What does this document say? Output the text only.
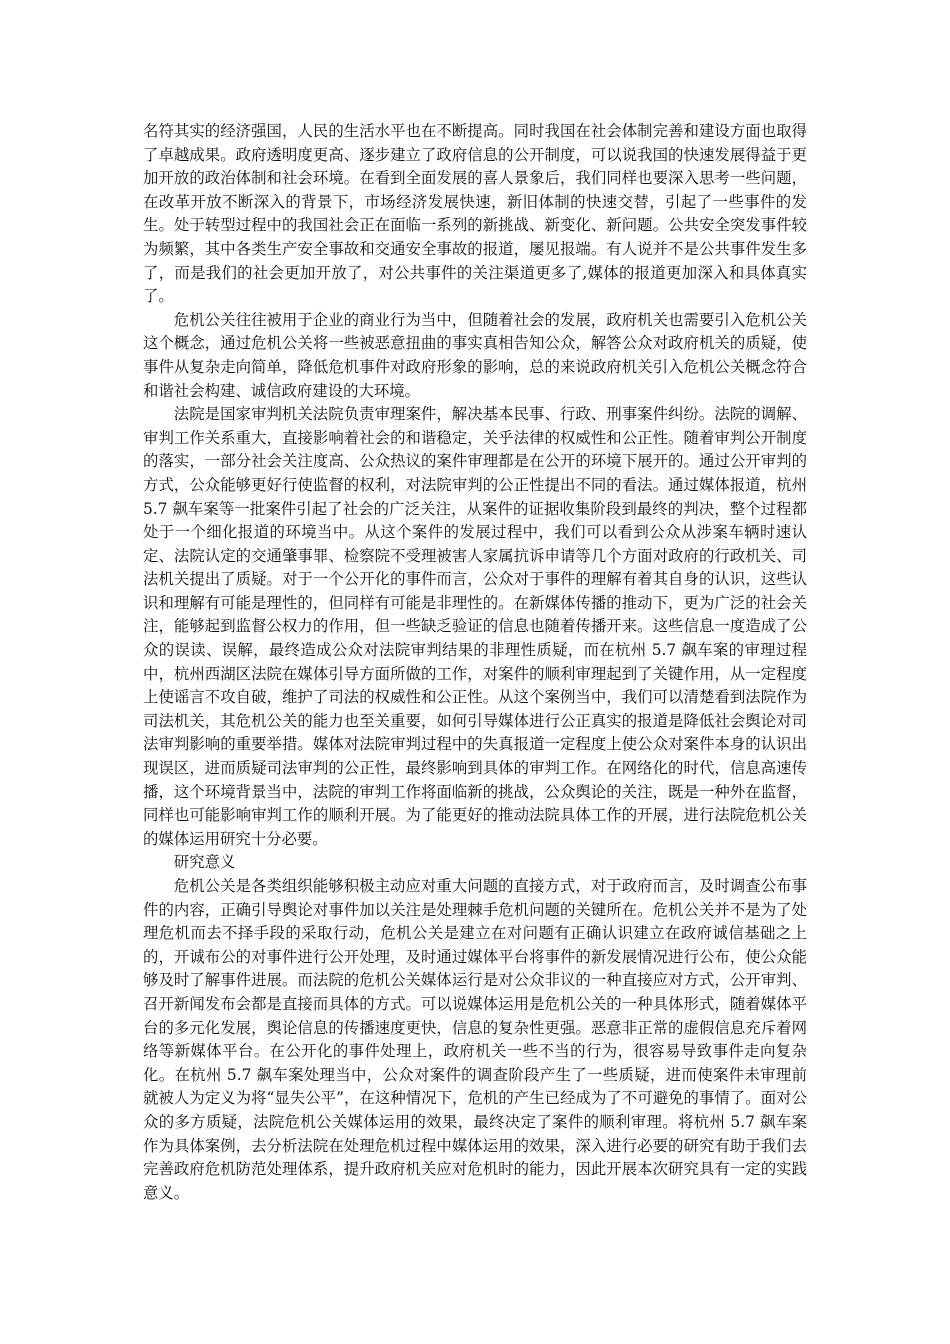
名符其实的经济强国，人民的生活水平也在不断提高。同时我国在社会体制完善和建设方面也取得了卓越成果。政府透明度更高、逐步建立了政府信息的公开制度，可以说我国的快速发展得益于更加开放的政治体制和社会环境。在看到全面发展的喜人景象后，我们同样也要深入思考一些问题，在改革开放不断深入的背景下，市场经济发展快速，新旧体制的快速交替，引起了一些事件的发生。处于转型过程中的我国社会正在面临一系列的新挑战、新变化、新问题。公共安全突发事件较为频繁，其中各类生产安全事故和交通安全事故的报道，屡见报端。有人说并不是公共事件发生多了，而是我们的社会更加开放了，对公共事件的关注渠道更多了,媒体的报道更加深入和具体真实了。

危机公关往往被用于企业的商业行为当中，但随着社会的发展，政府机关也需要引入危机公关这个概念，通过危机公关将一些被恶意扭曲的事实真相告知公众，解答公众对政府机关的质疑，使事件从复杂走向简单，降低危机事件对政府形象的影响，总的来说政府机关引入危机公关概念符合和谐社会构建、诚信政府建设的大环境。

法院是国家审判机关法院负责审理案件，解决基本民事、行政、刑事案件纠纷。法院的调解、审判工作关系重大，直接影响着社会的和谐稳定，关乎法律的权威性和公正性。随着审判公开制度的落实，一部分社会关注度高、公众热议的案件审理都是在公开的环境下展开的。通过公开审判的方式，公众能够更好行使监督的权利，对法院审判的公正性提出不同的看法。通过媒体报道，杭州 5.7 飙车案等一批案件引起了社会的广泛关注，从案件的证据收集阶段到最终的判决，整个过程都处于一个细化报道的环境当中。从这个案件的发展过程中，我们可以看到公众从涉案车辆时速认定、法院认定的交通肇事罪、检察院不受理被害人家属抗诉申请等几个方面对政府的行政机关、司法机关提出了质疑。对于一个公开化的事件而言，公众对于事件的理解有着其自身的认识，这些认识和理解有可能是理性的，但同样有可能是非理性的。在新媒体传播的推动下，更为广泛的社会关注，能够起到监督公权力的作用，但一些缺乏验证的信息也随着传播开来。这些信息一度造成了公众的误读、误解，最终造成公众对法院审判结果的非理性质疑，而在杭州 5.7 飙车案的审理过程中，杭州西湖区法院在媒体引导方面所做的工作，对案件的顺利审理起到了关键作用，从一定程度上使谣言不攻自破，维护了司法的权威性和公正性。从这个案例当中，我们可以清楚看到法院作为司法机关，其危机公关的能力也至关重要，如何引导媒体进行公正真实的报道是降低社会舆论对司法审判影响的重要举措。媒体对法院审判过程中的失真报道一定程度上使公众对案件本身的认识出现误区，进而质疑司法审判的公正性，最终影响到具体的审判工作。在网络化的时代，信息高速传播，这个环境背景当中，法院的审判工作将面临新的挑战，公众舆论的关注，既是一种外在监督，同样也可能影响审判工作的顺利开展。为了能更好的推动法院具体工作的开展，进行法院危机公关的媒体运用研究十分必要。

研究意义

危机公关是各类组织能够积极主动应对重大问题的直接方式，对于政府而言，及时调查公布事件的内容，正确引导舆论对事件加以关注是处理棘手危机问题的关键所在。危机公关并不是为了处理危机而去不择手段的采取行动，危机公关是建立在对问题有正确认识建立在政府诚信基础之上的，开诚布公的对事件进行公开处理，及时通过媒体平台将事件的新发展情况进行公布，使公众能够及时了解事件进展。而法院的危机公关媒体运行是对公众非议的一种直接应对方式，公开审判、召开新闻发布会都是直接而具体的方式。可以说媒体运用是危机公关的一种具体形式，随着媒体平台的多元化发展，舆论信息的传播速度更快，信息的复杂性更强。恶意非正常的虚假信息充斥着网络等新媒体平台。在公开化的事件处理上，政府机关一些不当的行为，很容易导致事件走向复杂化。在杭州 5.7 飙车案处理当中，公众对案件的调查阶段产生了一些质疑，进而使案件未审理前就被人为定义为将“显失公平”，在这种情况下，危机的产生已经成为了不可避免的事情了。面对公众的多方质疑，法院危机公关媒体运用的效果，最终决定了案件的顺利审理。将杭州 5.7 飙车案作为具体案例，去分析法院在处理危机过程中媒体运用的效果，深入进行必要的研究有助于我们去完善政府危机防范处理体系，提升政府机关应对危机时的能力，因此开展本次研究具有一定的实践意义。
